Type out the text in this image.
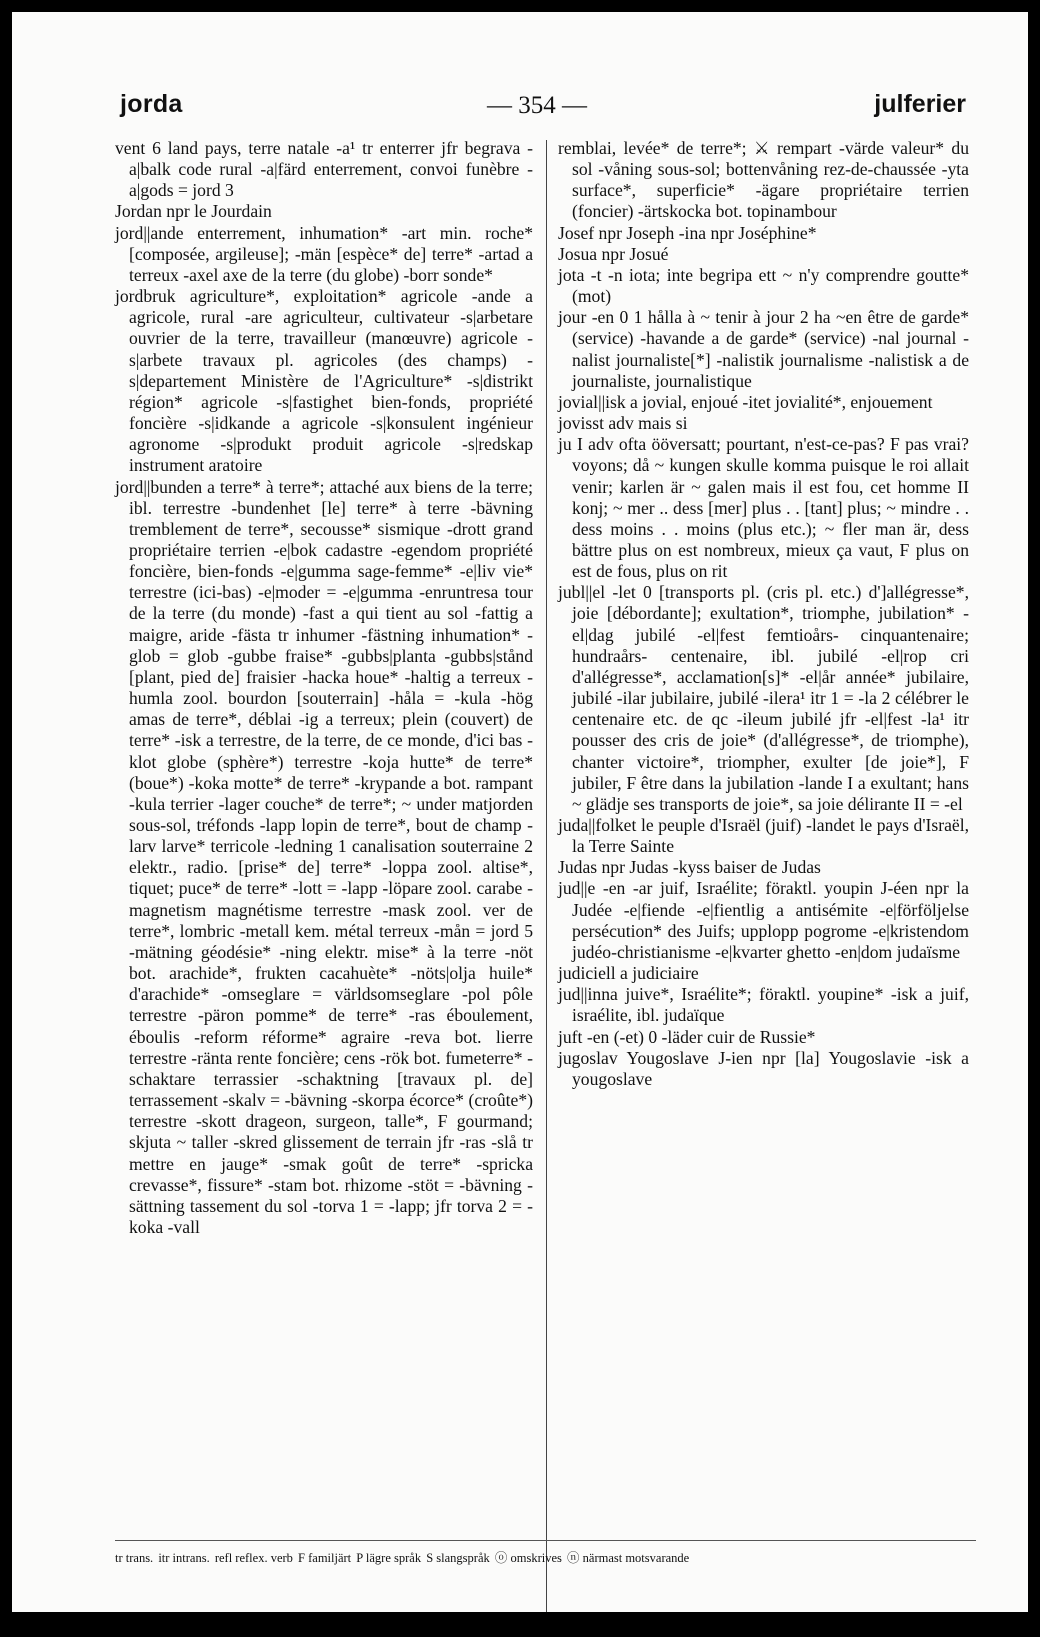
jorda	— 354 —	julferier

vent 6 land pays, terre natale -a¹ tr enterrer jfr begrava -a|balk code rural -a|färd enterrement, convoi funèbre -a|gods = jord 3

Jordan npr le Jourdain

jord||ande enterrement, inhumation* -art min. roche* [composée, argileuse]; -män [espèce* de] terre* -artad a terreux -axel axe de la terre (du globe) -borr sonde*

jordbruk agriculture*, exploitation* agricole -ande a agricole, rural -are agriculteur, cultivateur -s|arbetare ouvrier de la terre, travailleur (manœuvre) agricole -s|arbete travaux pl. agricoles (des champs) -s|departement Ministère de l'Agriculture* -s|distrikt région* agricole -s|fastighet bien-fonds, propriété foncière -s|idkande a agricole -s|konsulent ingénieur agronome -s|produkt produit agricole -s|redskap instrument aratoire

jord||bunden a terre* à terre*; attaché aux biens de la terre; ibl. terrestre -bundenhet [le] terre* à terre -bävning tremblement de terre*, secousse* sismique -drott grand propriétaire terrien -e|bok cadastre -egendom propriété foncière, bien-fonds -e|gumma sage-femme* -e|liv vie* terrestre (ici-bas) -e|moder = -e|gumma -enruntresa tour de la terre (du monde) -fast a qui tient au sol -fattig a maigre, aride -fästa tr inhumer -fästning inhumation* -glob = glob -gubbe fraise* -gubbs|planta -gubbs|stånd [plant, pied de] fraisier -hacka houe* -haltig a terreux -humla zool. bourdon [souterrain] -håla = -kula -hög amas de terre*, déblai -ig a terreux; plein (couvert) de terre* -isk a terrestre, de la terre, de ce monde, d'ici bas -klot globe (sphère*) terrestre -koja hutte* de terre* (boue*) -koka motte* de terre* -krypande a bot. rampant -kula terrier -lager couche* de terre*; ~ under matjorden sous-sol, tréfonds -lapp lopin de terre*, bout de champ -larv larve* terricole -ledning 1 canalisation souterraine 2 elektr., radio. [prise* de] terre* -loppa zool. altise*, tiquet; puce* de terre* -lott = -lapp -löpare zool. carabe -magnetism magnétisme terrestre -mask zool. ver de terre*, lombric -metall kem. métal terreux -mån = jord 5 -mätning géodésie* -ning elektr. mise* à la terre -nöt bot. arachide*, frukten cacahuète* -nöts|olja huile* d'arachide* -omseglare = världsomseglare -pol pôle terrestre -päron pomme* de terre* -ras éboulement, éboulis -reform réforme* agraire -reva bot. lierre terrestre -ränta rente foncière; cens -rök bot. fumeterre* -schaktare terrassier -schaktning [travaux pl. de] terrassement -skalv = -bävning -skorpa écorce* (croûte*) terrestre -skott drageon, surgeon, talle*, F gourmand; skjuta ~ taller -skred glissement de terrain jfr -ras -slå tr mettre en jauge* -smak goût de terre* -spricka crevasse*, fissure* -stam bot. rhizome -stöt = -bävning -sättning tassement du sol -torva 1 = -lapp; jfr torva 2 = -koka -vall

remblai, levée* de terre*; ⚔ rempart -värde valeur* du sol -våning sous-sol; bottenvåning rez-de-chaussée -yta surface*, superficie* -ägare propriétaire terrien (foncier) -ärtskocka bot. topinambour

Josef npr Joseph -ina npr Joséphine*

Josua npr Josué

jota -t -n iota; inte begripa ett ~ n'y comprendre goutte* (mot)

jour -en 0 1 hålla à ~ tenir à jour 2 ha ~en être de garde* (service) -havande a de garde* (service) -nal journal -nalist journaliste[*] -nalistik journalisme -nalistisk a de journaliste, journalistique

jovial||isk a jovial, enjoué -itet jovialité*, enjouement

jovisst adv mais si

ju I adv ofta ööversatt; pourtant, n'est-ce-pas? F pas vrai? voyons; då ~ kungen skulle komma puisque le roi allait venir; karlen är ~ galen mais il est fou, cet homme II konj; ~ mer .. dess [mer] plus . . [tant] plus; ~ mindre . . dess moins . . moins (plus etc.); ~ fler man är, dess bättre plus on est nombreux, mieux ça vaut, F plus on est de fous, plus on rit

jubl||el -let 0 [transports pl. (cris pl. etc.) d']allégresse*, joie [débordante]; exultation*, triomphe, jubilation* -el|dag jubilé -el|fest femtioårs- cinquantenaire; hundraårs- centenaire, ibl. jubilé -el|rop cri d'allégresse*, acclamation[s]* -el|år année* jubilaire, jubilé -ilar jubilaire, jubilé -ilera¹ itr 1 = -la 2 célébrer le centenaire etc. de qc -ileum jubilé jfr -el|fest -la¹ itr pousser des cris de joie* (d'allégresse*, de triomphe), chanter victoire*, triompher, exulter [de joie*], F jubiler, F être dans la jubilation -lande I a exultant; hans ~ glädje ses transports de joie*, sa joie délirante II = -el

juda||folket le peuple d'Israël (juif) -landet le pays d'Israël, la Terre Sainte

Judas npr Judas -kyss baiser de Judas

jud||e -en -ar juif, Israélite; föraktl. youpin J-éen npr la Judée -e|fiende -e|fientlig a antisémite -e|förföljelse persécution* des Juifs; upplopp pogrome -e|kristendom judéo-christianisme -e|kvarter ghetto -en|dom judaïsme

judiciell a judiciaire

jud||inna juive*, Israélite*; föraktl. youpine* -isk a juif, israélite, ibl. judaïque

juft -en (-et) 0 -läder cuir de Russie*

jugoslav Yougoslave J-ien npr [la] Yougoslavie -isk a yougoslave

tr trans. itr intrans. refl reflex. verb F familjärt P lägre språk S slangspråk ⓞ omskrives ⓝ närmast motsvarande
